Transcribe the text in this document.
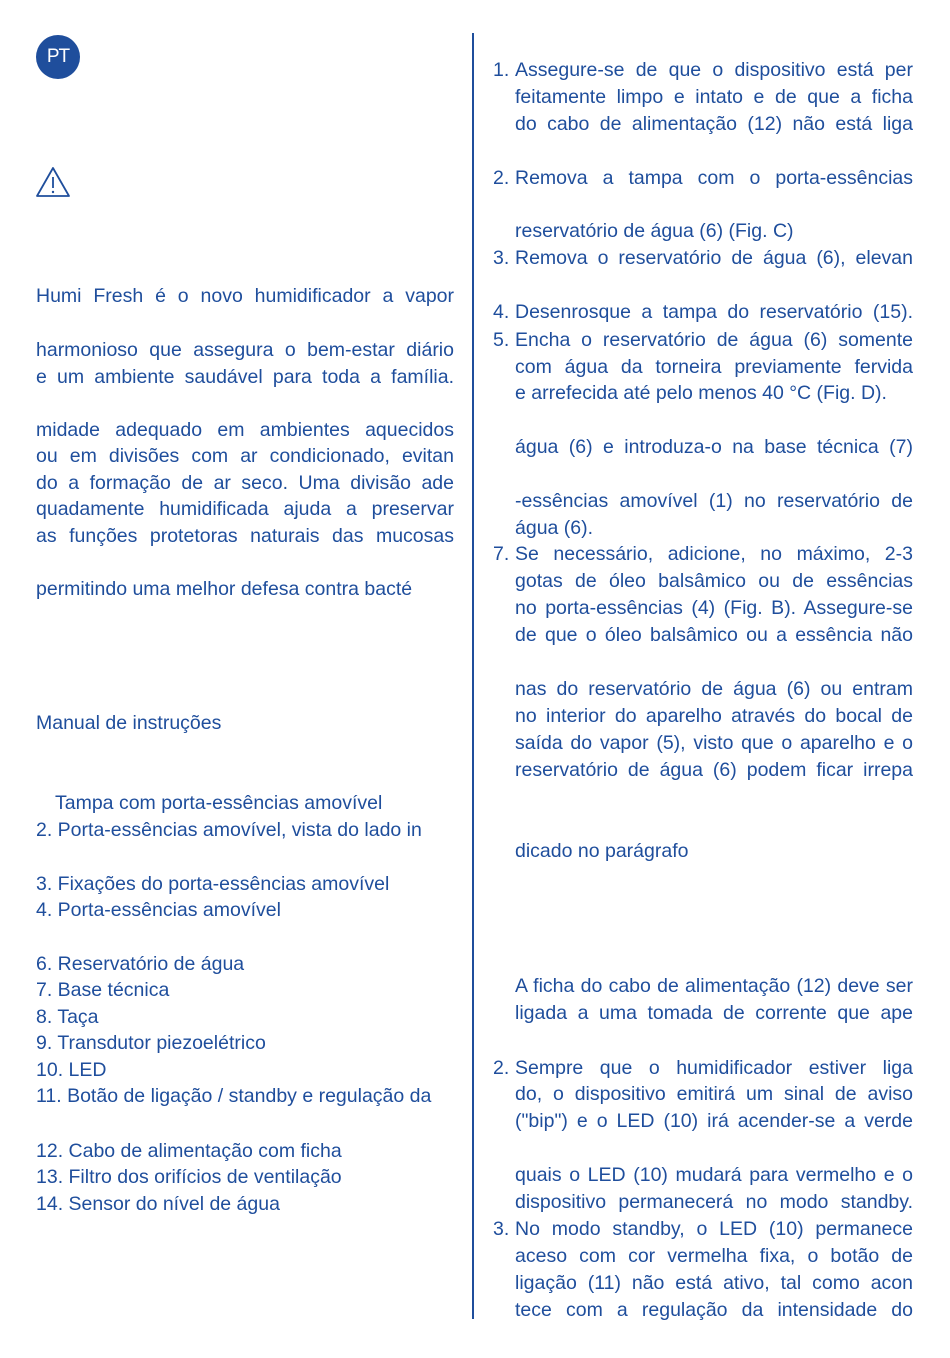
PT
Humi Fresh é o novo humidificador a vapor
harmonioso que assegura o bem-estar diário
e um ambiente saudável para toda a família.
midade adequado em ambientes aquecidos
ou em divisões com ar condicionado, evitan
do a formação de ar seco. Uma divisão ade
quadamente humidificada ajuda a preservar
as funções protetoras naturais das mucosas
permitindo uma melhor defesa contra bacté
Manual de instruções
Tampa com porta-essências amovível
2. Porta-essências amovível, vista do lado in
3. Fixações do porta-essências amovível
4. Porta-essências amovível
6. Reservatório de água
7. Base técnica
8. Taça
9. Transdutor piezoelétrico
10. LED
11. Botão de ligação / standby e regulação da
12. Cabo de alimentação com ficha
13. Filtro dos orifícios de ventilação
14. Sensor do nível de água
1.
2.
3.
4.
5.
7.
2.
3.
Assegure-se de que o dispositivo está per
feitamente limpo e intato e de que a ficha
do cabo de alimentação (12) não está liga
Remova a tampa com o porta-essências
reservatório de água (6) (Fig. C)
Remova o reservatório de água (6), elevan
Desenrosque a tampa do reservatório (15).
Encha o reservatório de água (6) somente
com água da torneira previamente fervida
e arrefecida até pelo menos 40 °C (Fig. D).
água (6) e introduza-o na base técnica (7)
-essências amovível (1) no reservatório de
água (6).
Se necessário, adicione, no máximo, 2-3
gotas de óleo balsâmico ou de essências
no porta-essências (4) (Fig. B). Assegure-se
de que o óleo balsâmico ou a essência não
nas do reservatório de água (6) ou entram
no interior do aparelho através do bocal de
saída do vapor (5), visto que o aparelho e o
reservatório de água (6) podem ficar irrepa
dicado no parágrafo
A ficha do cabo de alimentação (12) deve ser
ligada a uma tomada de corrente que ape
Sempre que o humidificador estiver liga
do, o dispositivo emitirá um sinal de aviso
("bip") e o LED (10) irá acender-se a verde
quais o LED (10) mudará para vermelho e o
dispositivo permanecerá no modo standby.
No modo standby, o LED (10) permanece
aceso com cor vermelha fixa, o botão de
ligação (11) não está ativo, tal como acon
tece com a regulação da intensidade do
